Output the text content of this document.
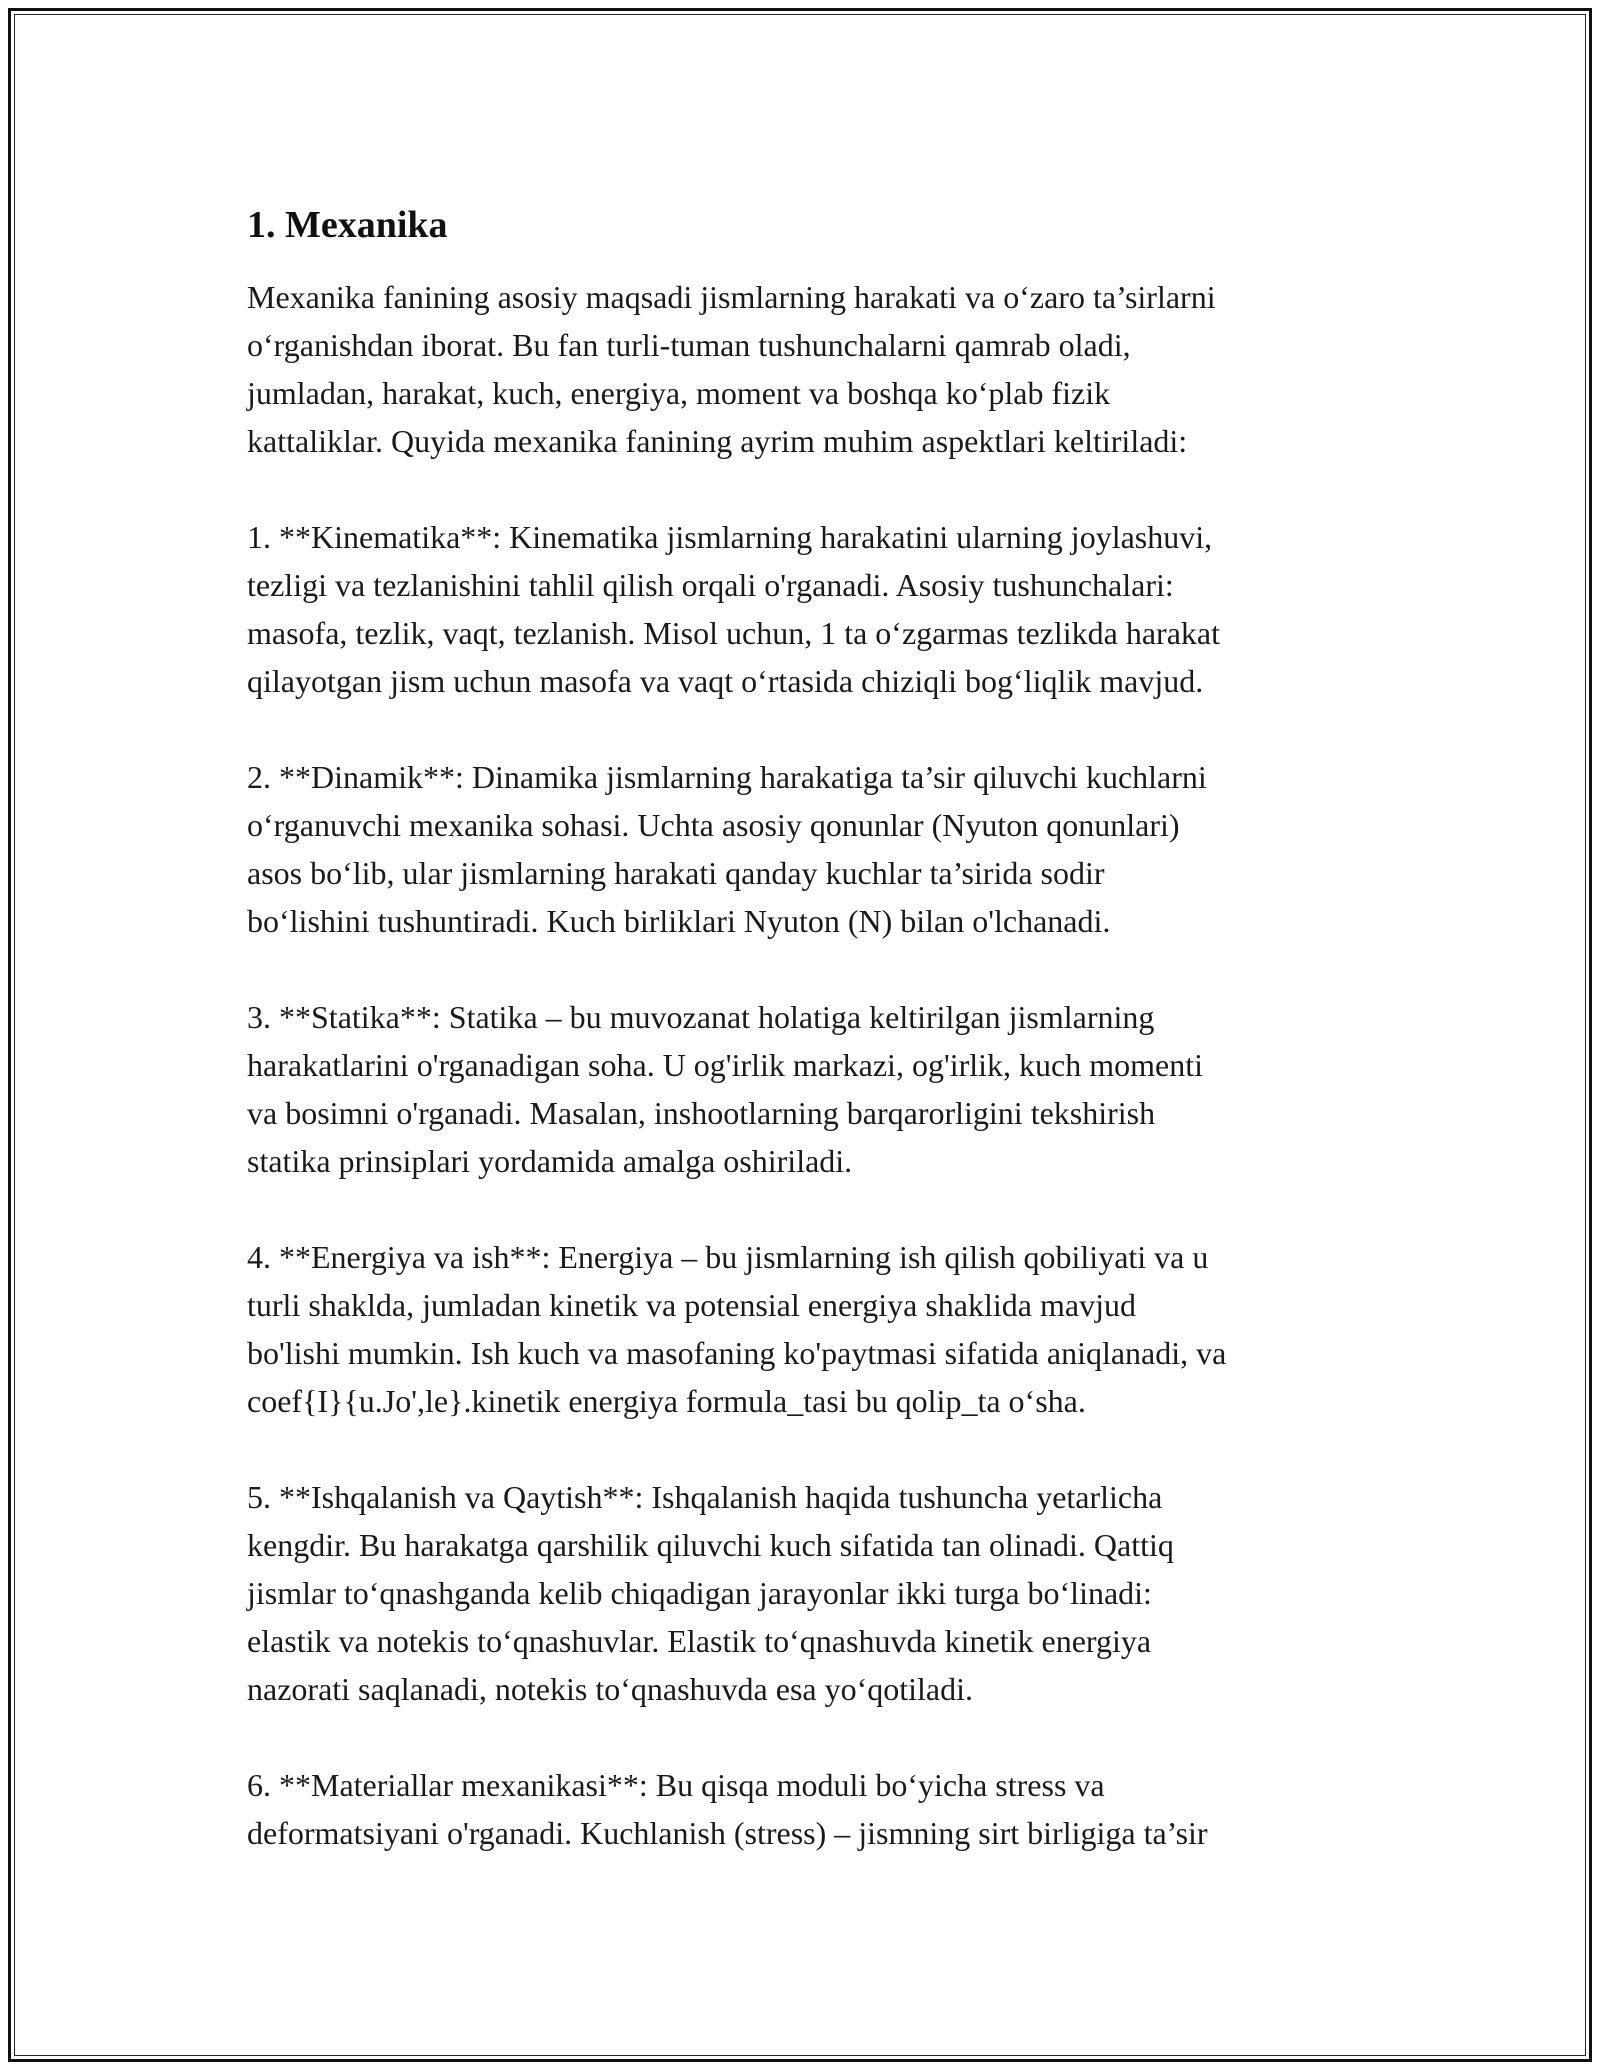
1. Mexanika

Mexanika fanining asosiy maqsadi jismlarning harakati va o‘zaro ta’sirlarni
o‘rganishdan iborat. Bu fan turli-tuman tushunchalarni qamrab oladi,
jumladan, harakat, kuch, energiya, moment va boshqa ko‘plab fizik
kattaliklar. Quyida mexanika fanining ayrim muhim aspektlari keltiriladi:

1. **Kinematika**: Kinematika jismlarning harakatini ularning joylashuvi,
tezligi va tezlanishini tahlil qilish orqali o'rganadi. Asosiy tushunchalari:
masofa, tezlik, vaqt, tezlanish. Misol uchun, 1 ta o‘zgarmas tezlikda harakat
qilayotgan jism uchun masofa va vaqt o‘rtasida chiziqli bog‘liqlik mavjud.

2. **Dinamik**: Dinamika jismlarning harakatiga ta’sir qiluvchi kuchlarni
o‘rganuvchi mexanika sohasi. Uchta asosiy qonunlar (Nyuton qonunlari)
asos bo‘lib, ular jismlarning harakati qanday kuchlar ta’sirida sodir
bo‘lishini tushuntiradi. Kuch birliklari Nyuton (N) bilan o'lchanadi.

3. **Statika**: Statika – bu muvozanat holatiga keltirilgan jismlarning
harakatlarini o'rganadigan soha. U og'irlik markazi, og'irlik, kuch momenti
va bosimni o'rganadi. Masalan, inshootlarning barqarorligini tekshirish
statika prinsiplari yordamida amalga oshiriladi.

4. **Energiya va ish**: Energiya – bu jismlarning ish qilish qobiliyati va u
turli shaklda, jumladan kinetik va potensial energiya shaklida mavjud
bo'lishi mumkin. Ish kuch va masofaning ko'paytmasi sifatida aniqlanadi, va
coef{I}{u.Jo',le}.kinetik energiya formula_tasi bu qolip_ta o‘sha.

5. **Ishqalanish va Qaytish**: Ishqalanish haqida tushuncha yetarlicha
kengdir. Bu harakatga qarshilik qiluvchi kuch sifatida tan olinadi. Qattiq
jismlar to‘qnashganda kelib chiqadigan jarayonlar ikki turga bo‘linadi:
elastik va notekis to‘qnashuvlar. Elastik to‘qnashuvda kinetik energiya
nazorati saqlanadi, notekis to‘qnashuvda esa yo‘qotiladi.

6. **Materiallar mexanikasi**: Bu qisqa moduli bo‘yicha stress va
deformatsiyani o'rganadi. Kuchlanish (stress) – jismning sirt birligiga ta’sir
